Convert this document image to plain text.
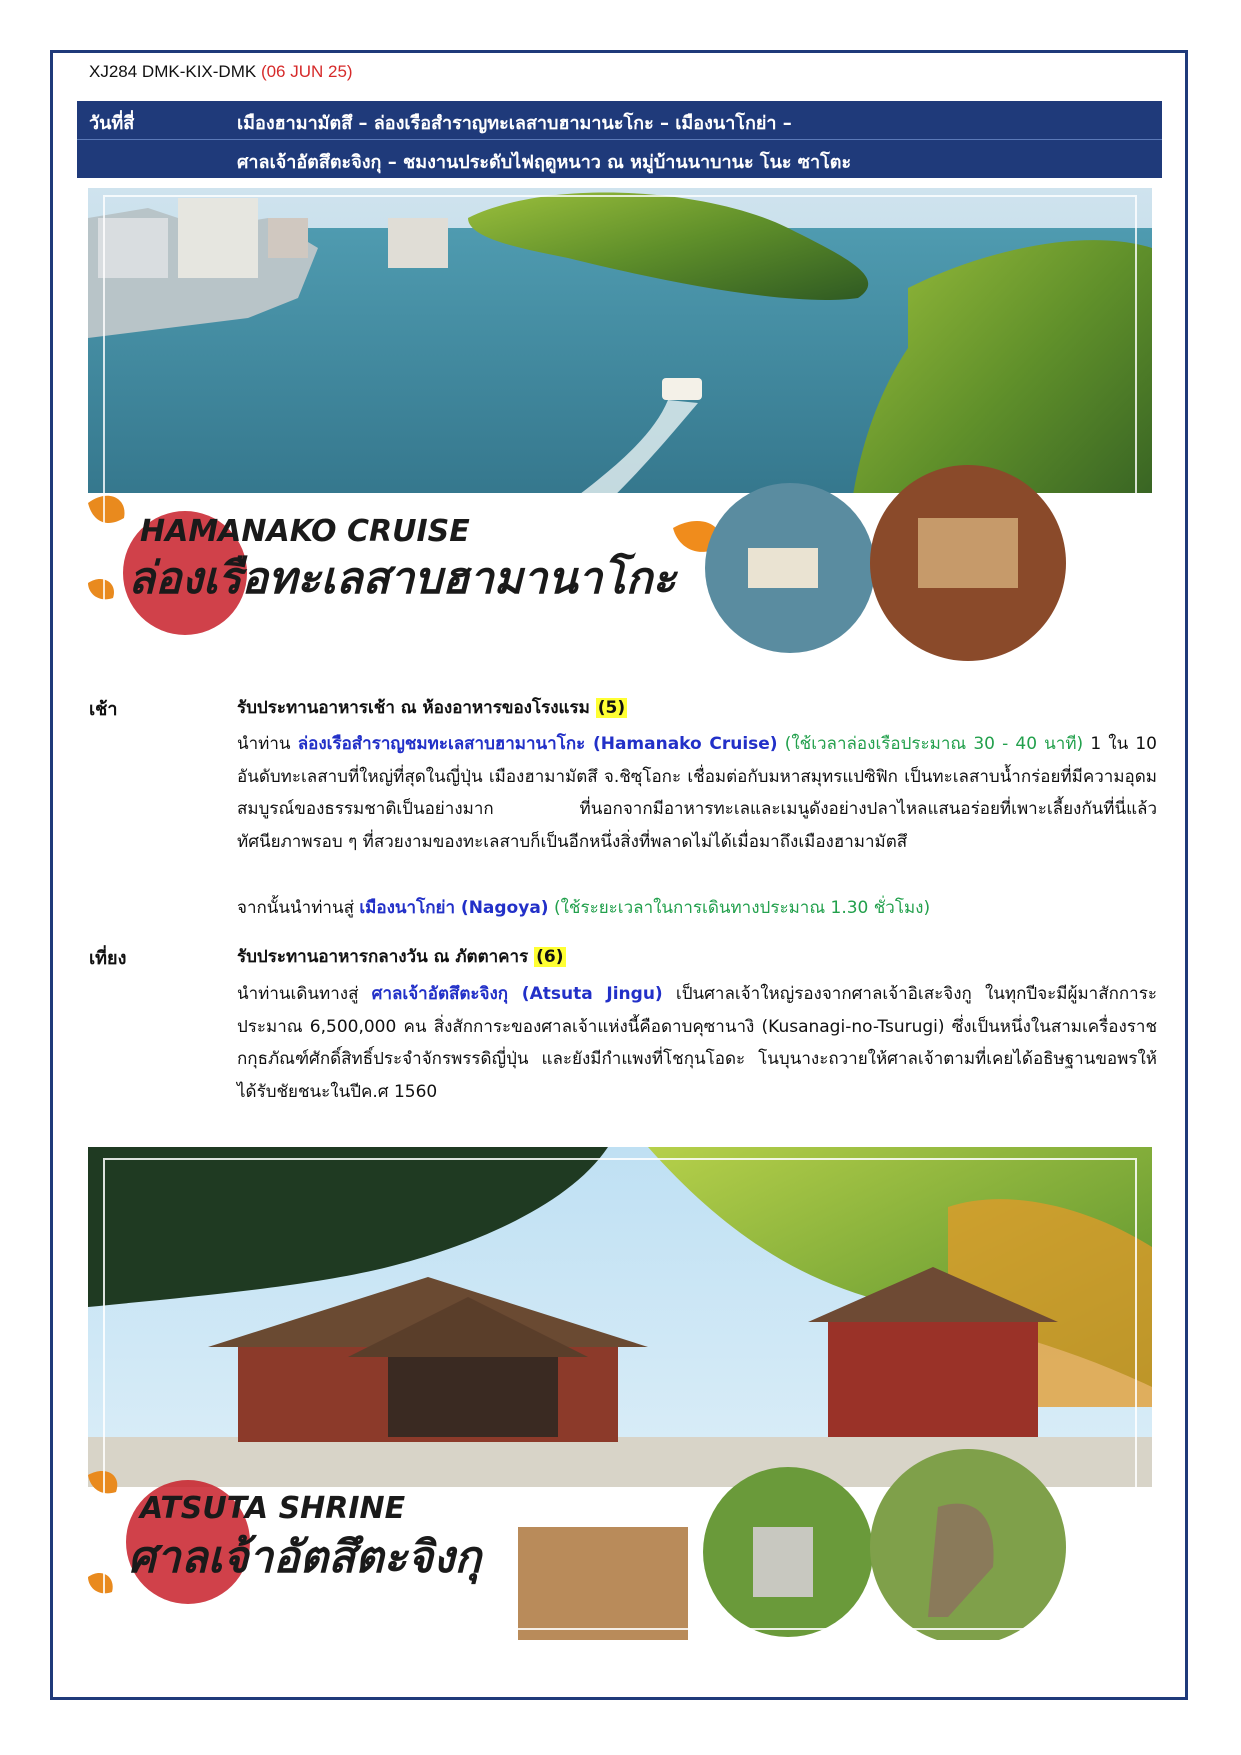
XJ284 DMK-KIX-DMK (06 JUN 25)
วันที่สี่	เมืองฮามามัตสึ – ล่องเรือสำราญทะเลสาบฮามานะโกะ – เมืองนาโกย่า –
ศาลเจ้าอัตสึตะจิงกุ – ชมงานประดับไฟฤดูหนาว ณ หมู่บ้านนาบานะ โนะ ซาโตะ
HAMANAKO CRUISE
ล่องเรือทะเลสาบฮามานาโกะ
เช้า	รับประทานอาหารเช้า ณ ห้องอาหารของโรงแรม (5)
นำท่าน ล่องเรือสำราญชมทะเลสาบฮามานาโกะ (Hamanako Cruise) (ใช้เวลาล่องเรือประมาณ 30 - 40 นาที) 1 ใน 10 อันดับทะเลสาบที่ใหญ่ที่สุดในญี่ปุ่น เมืองฮามามัตสึ จ.ชิซุโอกะ เชื่อมต่อกับมหาสมุทรแปซิฟิก เป็นทะเลสาบน้ำกร่อยที่มีความอุดมสมบูรณ์ของธรรมชาติเป็นอย่างมาก ที่นอกจากมีอาหารทะเลและเมนูดังอย่างปลาไหลแสนอร่อยที่เพาะเลี้ยงกันที่นี่แล้ว ทัศนียภาพรอบ ๆ ที่สวยงามของทะเลสาบก็เป็นอีกหนึ่งสิ่งที่พลาดไม่ได้เมื่อมาถึงเมืองฮามามัตสึ
จากนั้นนำท่านสู่ เมืองนาโกย่า (Nagoya) (ใช้ระยะเวลาในการเดินทางประมาณ 1.30 ชั่วโมง)
เที่ยง	รับประทานอาหารกลางวัน ณ ภัตตาคาร (6)
นำท่านเดินทางสู่ ศาลเจ้าอัตสึตะจิงกุ (Atsuta Jingu) เป็นศาลเจ้าใหญ่รองจากศาลเจ้าอิเสะจิงกู ในทุกปีจะมีผู้มาสักการะประมาณ 6,500,000 คน สิ่งสักการะของศาลเจ้าแห่งนี้คือดาบคุซานางิ (Kusanagi-no-Tsurugi) ซึ่งเป็นหนึ่งในสามเครื่องราชกกุธภัณฑ์ศักดิ์สิทธิ์ประจำจักรพรรดิญี่ปุ่น และยังมีกำแพงที่โชกุนโอดะ โนบุนางะถวายให้ศาลเจ้าตามที่เคยได้อธิษฐานขอพรให้ได้รับชัยชนะในปีค.ศ 1560
ATSUTA SHRINE
ศาลเจ้าอัตสึตะจิงกุ
